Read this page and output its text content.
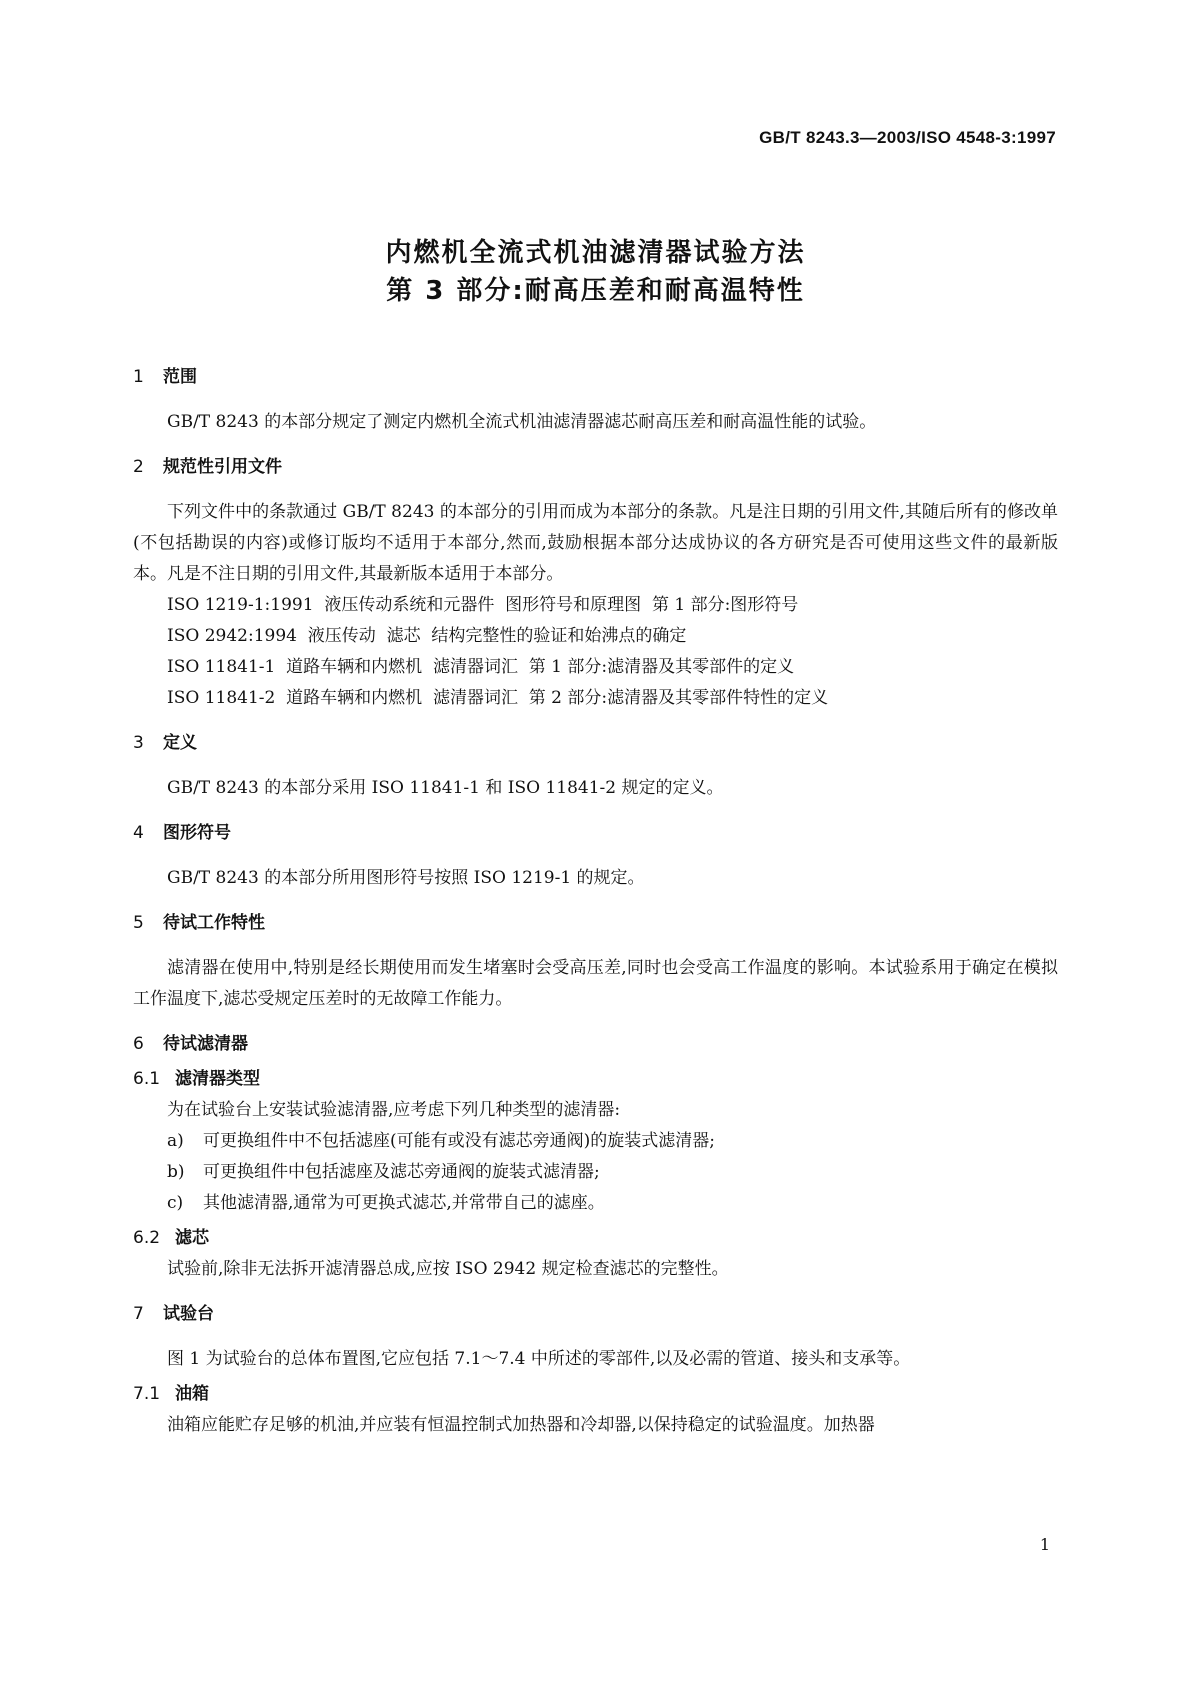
GB/T 8243.3—2003/ISO 4548-3:1997
内燃机全流式机油滤清器试验方法
第 3 部分:耐高压差和耐高温特性
1 范围

GB/T 8243 的本部分规定了测定内燃机全流式机油滤清器滤芯耐高压差和耐高温性能的试验。

2 规范性引用文件

下列文件中的条款通过 GB/T 8243 的本部分的引用而成为本部分的条款。凡是注日期的引用文件,其随后所有的修改单(不包括勘误的内容)或修订版均不适用于本部分,然而,鼓励根据本部分达成协议的各方研究是否可使用这些文件的最新版本。凡是不注日期的引用文件,其最新版本适用于本部分。

ISO 1219-1:1991  液压传动系统和元器件  图形符号和原理图  第 1 部分:图形符号
ISO 2942:1994  液压传动  滤芯  结构完整性的验证和始沸点的确定
ISO 11841-1  道路车辆和内燃机  滤清器词汇  第 1 部分:滤清器及其零部件的定义
ISO 11841-2  道路车辆和内燃机  滤清器词汇  第 2 部分:滤清器及其零部件特性的定义
3 定义

GB/T 8243 的本部分采用 ISO 11841-1 和 ISO 11841-2 规定的定义。

4 图形符号

GB/T 8243 的本部分所用图形符号按照 ISO 1219-1 的规定。

5 待试工作特性

滤清器在使用中,特别是经长期使用而发生堵塞时会受高压差,同时也会受高工作温度的影响。本试验系用于确定在模拟工作温度下,滤芯受规定压差时的无故障工作能力。

6 待试滤清器
6.1 滤清器类型
为在试验台上安装试验滤清器,应考虑下列几种类型的滤清器:
a) 可更换组件中不包括滤座(可能有或没有滤芯旁通阀)的旋装式滤清器;
b) 可更换组件中包括滤座及滤芯旁通阀的旋装式滤清器;
c) 其他滤清器,通常为可更换式滤芯,并常带自己的滤座。
6.2 滤芯

试验前,除非无法拆开滤清器总成,应按 ISO 2942 规定检查滤芯的完整性。

7 试验台

图 1 为试验台的总体布置图,它应包括 7.1～7.4 中所述的零部件,以及必需的管道、接头和支承等。

7.1 油箱

油箱应能贮存足够的机油,并应装有恒温控制式加热器和冷却器,以保持稳定的试验温度。加热器

1
